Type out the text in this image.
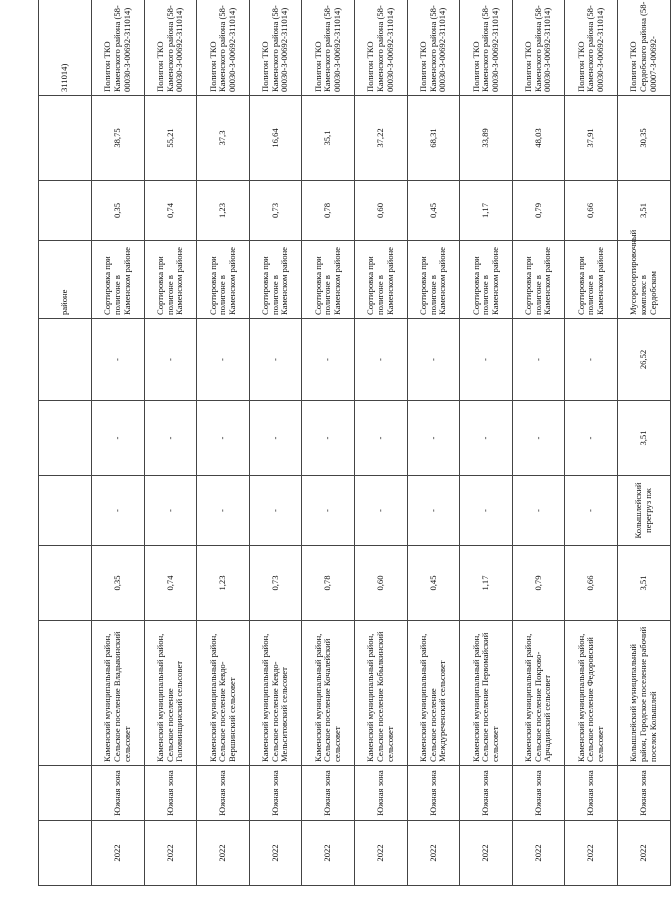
							районе			311014)		
2022	Южная зона	Каменский муниципальный район, Сельское поселение Владыкинский сельсовет	0,35	-	-	-	Сортировка при полигоне в Каменском районе	0,35	38,75	Полигон ТКО Каменского района (58-00030-З-00692-311014)		
2022	Южная зона	Каменский муниципальный район, Сельское поселение Головинщинский сельсовет	0,74	-	-	-	Сортировка при полигоне в Каменском районе	0,74	55,21	Полигон ТКО Каменского района (58-00030-З-00692-311014)		
2022	Южная зона	Каменский муниципальный район, Сельское поселение Кевдо-Вершинский сельсовет	1,23	-	-	-	Сортировка при полигоне в Каменском районе	1,23	37,3	Полигон ТКО Каменского района (58-00030-З-00692-311014)		
2022	Южная зона	Каменский муниципальный район, Сельское поселение Кевдо-Мельситовский сельсовет	0,73	-	-	-	Сортировка при полигоне в Каменском районе	0,73	16,64	Полигон ТКО Каменского района (58-00030-З-00692-311014)		
2022	Южная зона	Каменский муниципальный район, Сельское поселение Кочалейский сельсовет	0,78	-	-	-	Сортировка при полигоне в Каменском районе	0,78	35,1	Полигон ТКО Каменского района (58-00030-З-00692-311014)		
2022	Южная зона	Каменский муниципальный район, Сельское поселение Кобылкинский сельсовет	0,60	-	-	-	Сортировка при полигоне в Каменском районе	0,60	37,22	Полигон ТКО Каменского района (58-00030-З-00692-311014)		
2022	Южная зона	Каменский муниципальный район, Сельское поселение Междуреченский сельсовет	0,45	-	-	-	Сортировка при полигоне в Каменском районе	0,45	68,31	Полигон ТКО Каменского района (58-00030-З-00692-311014)		
2022	Южная зона	Каменский муниципальный район, Сельское поселение Первомайский сельсовет	1,17	-	-	-	Сортировка при полигоне в Каменском районе	1,17	33,89	Полигон ТКО Каменского района (58-00030-З-00692-311014)		
2022	Южная зона	Каменский муниципальный район, Сельское поселение Покрово-Арчадинский сельсовет	0,79	-	-	-	Сортировка при полигоне в Каменском районе	0,79	48,03	Полигон ТКО Каменского района (58-00030-З-00692-311014)		
2022	Южная зона	Каменский муниципальный район, Сельское поселение Федоровский сельсовет	0,66	-	-	-	Сортировка при полигоне в Каменском районе	0,66	37,91	Полигон ТКО Каменского района (58-00030-З-00692-311014)		
2022	Южная зона	Колышлейский муниципальный район, Городское поселение рабочий поселок Колышлей	3,51	Колышлейский перегруз пж	3,51	26,52	Мусоросортировочный комплекс в Сердобском	3,51	30,35	Полигон ТКО Сердобского района (58-00007-З-00692-		
